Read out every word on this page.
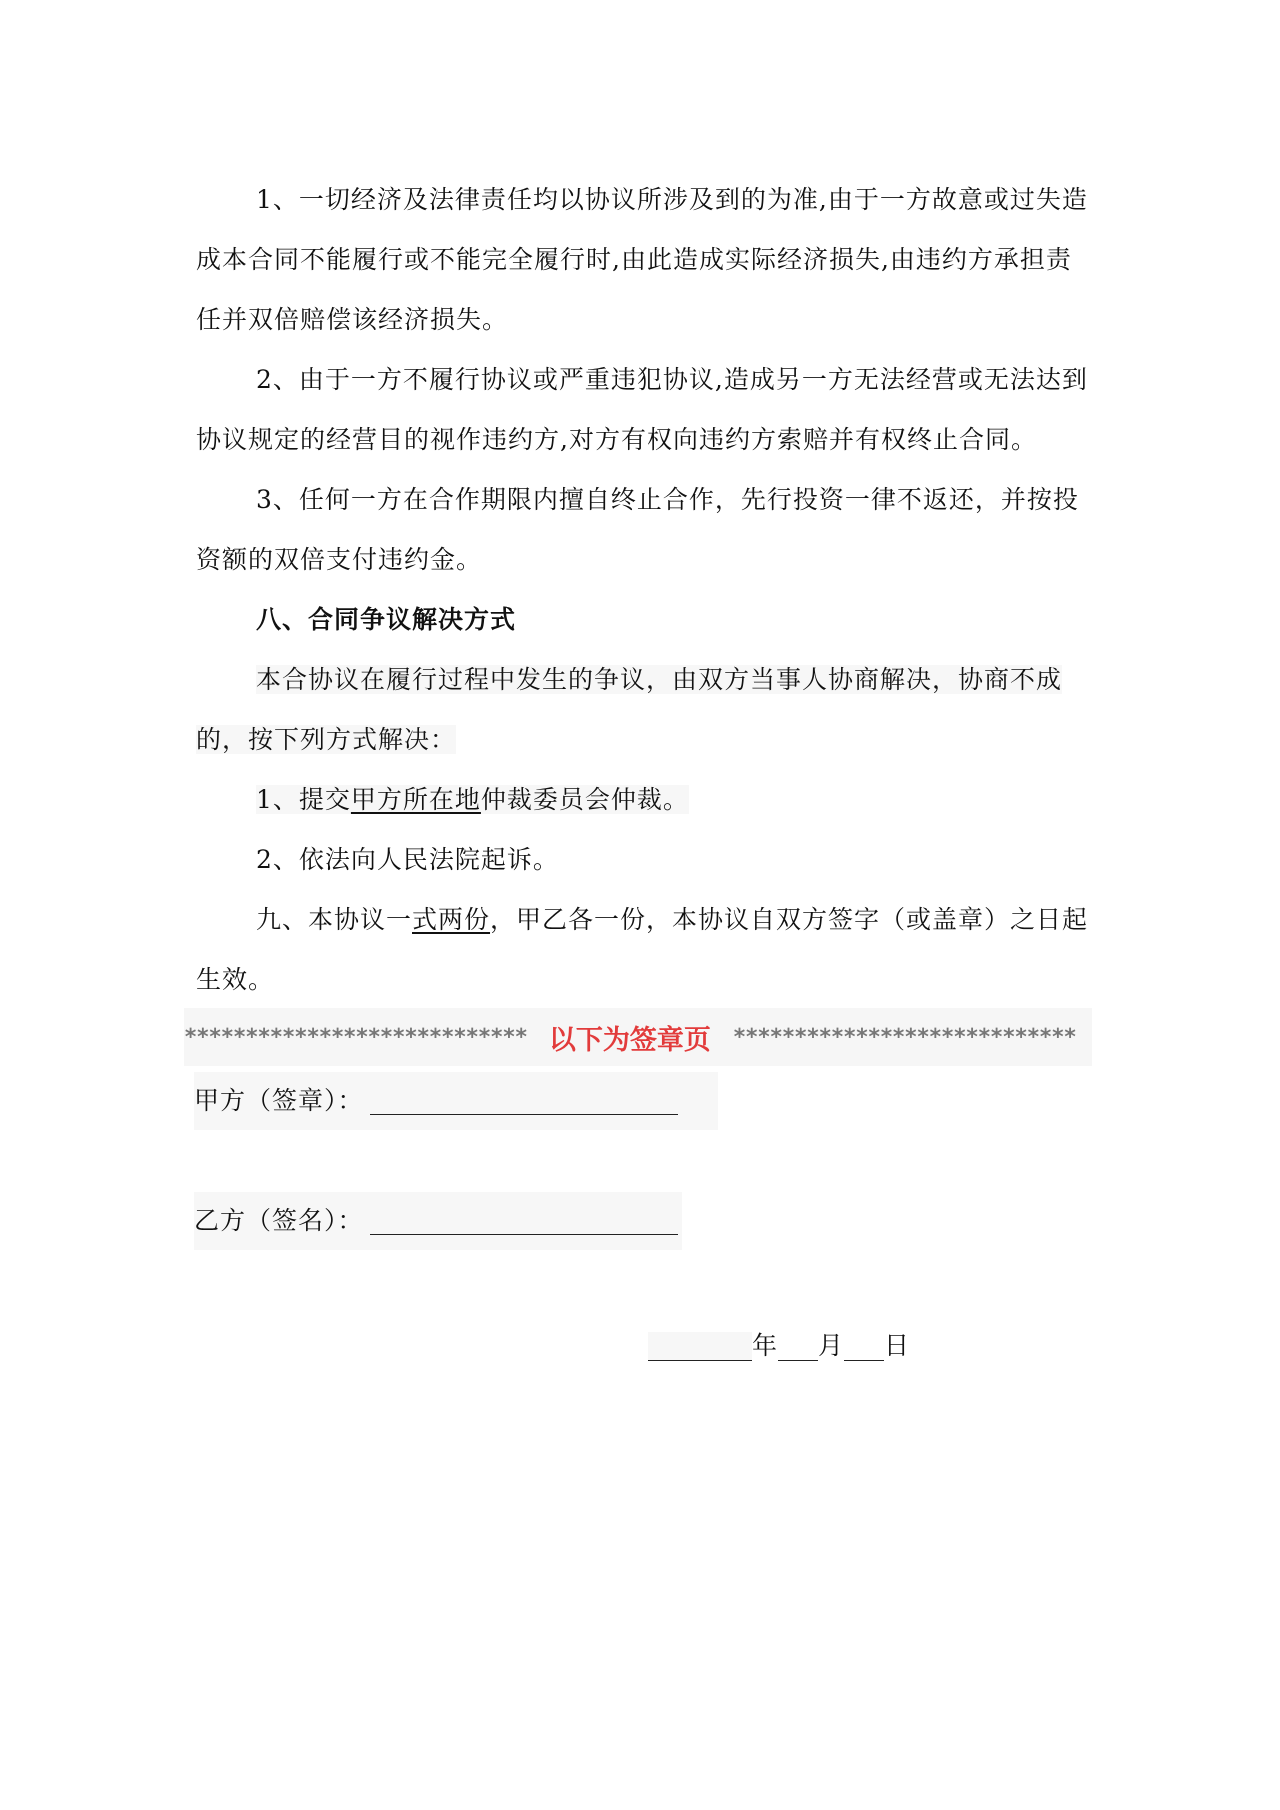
1、一切经济及法律责任均以协议所涉及到的为准,由于一方故意或过失造成本合同不能履行或不能完全履行时,由此造成实际经济损失,由违约方承担责任并双倍赔偿该经济损失。

2、由于一方不履行协议或严重违犯协议,造成另一方无法经营或无法达到协议规定的经营目的视作违约方,对方有权向违约方索赔并有权终止合同。

3、任何一方在合作期限内擅自终止合作，先行投资一律不返还，并按投资额的双倍支付违约金。

八、合同争议解决方式

本合协议在履行过程中发生的争议，由双方当事人协商解决，协商不成的，按下列方式解决：

1、提交甲方所在地仲裁委员会仲裁。

2、依法向人民法院起诉。

九、本协议一式两份，甲乙各一份，本协议自双方签字（或盖章）之日起生效。

**************************** 以下为签章页 ****************************
甲方（签章）：
乙方（签名）：
年 月 日
